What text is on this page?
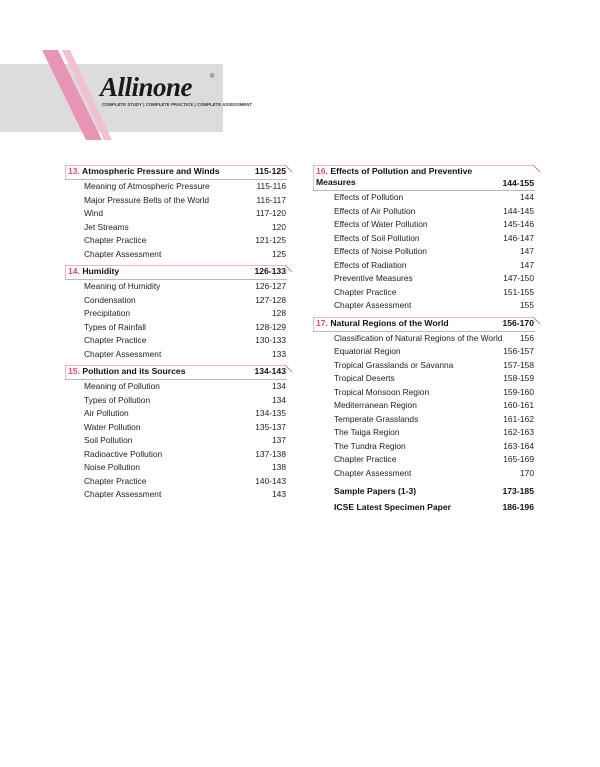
Allinone	®
COMPLETE STUDY | COMPLETE PRACTICE | COMPLETE ASSESSMENT
13. Atmospheric Pressure and Winds	115-125
Meaning of Atmospheric Pressure	115-116
Major Pressure Belts of the World	116-117
Wind	117-120
Jet Streams	120
Chapter Practice	121-125
Chapter Assessment	125
14. Humidity	126-133
Meaning of Humidity	126-127
Condensation	127-128
Precipitation	128
Types of Rainfall	128-129
Chapter Practice	130-133
Chapter Assessment	133
15. Pollution and its Sources	134-143
Meaning of Pollution	134
Types of Pollution	134
Air Pollution	134-135
Water Pollution	135-137
Soil Pollution	137
Radioactive Pollution	137-138
Noise Pollution	138
Chapter Practice	140-143
Chapter Assessment	143
16. Effects of Pollution and Preventive Measures	144-155
Effects of Pollution	144
Effects of Air Pollution	144-145
Effects of Water Pollution	145-146
Effects of Soil Pollution	146-147
Effects of Noise Pollution	147
Effects of Radiation	147
Preventive Measures	147-150
Chapter Practice	151-155
Chapter Assessment	155
17. Natural Regions of the World	156-170
Classification of Natural Regions of the World 156
Equatorial Region	156-157
Tropical Grasslands or Savanna	157-158
Tropical Deserts	158-159
Tropical Monsoon Region	159-160
Mediterranean Region	160-161
Temperate Grasslands	161-162
The Taiga Region	162-163
The Tundra Region	163-164
Chapter Practice	165-169
Chapter Assessment	170
Sample Papers (1-3)	173-185
ICSE Latest Specimen Paper	186-196
